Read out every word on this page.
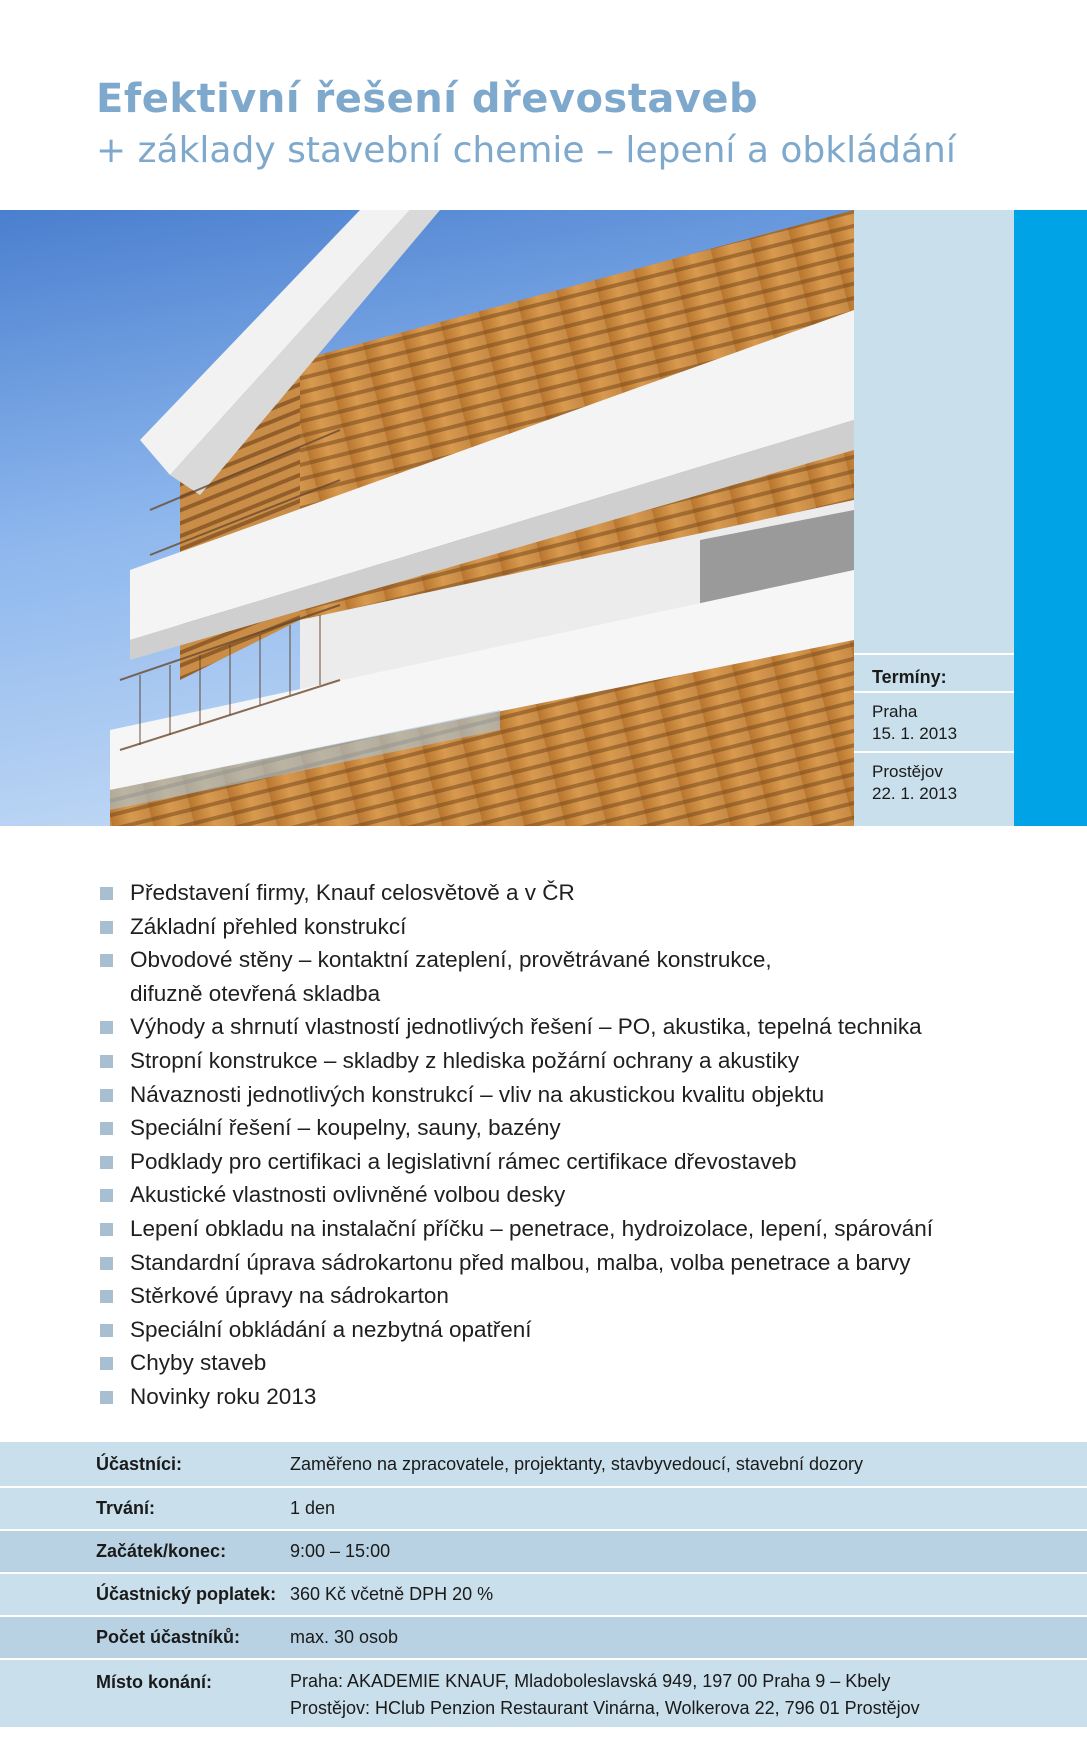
Efektivní řešení dřevostaveb
+ základy stavební chemie – lepení a obkládání
Termíny:
Praha
15. 1. 2013
Prostějov
22. 1. 2013
Představení firmy, Knauf celosvětově a v ČR
Základní přehled konstrukcí
Obvodové stěny – kontaktní zateplení, provětrávané konstrukce,
difuzně otevřená skladba
Výhody a shrnutí vlastností jednotlivých řešení – PO, akustika, tepelná technika
Stropní konstrukce – skladby z hlediska požární ochrany a akustiky
Návaznosti jednotlivých konstrukcí – vliv na akustickou kvalitu objektu
Speciální řešení – koupelny, sauny, bazény
Podklady pro certifikaci a legislativní rámec certifikace dřevostaveb
Akustické vlastnosti ovlivněné volbou desky
Lepení obkladu na instalační příčku – penetrace, hydroizolace, lepení, spárování
Standardní úprava sádrokartonu před malbou, malba, volba penetrace a barvy
Stěrkové úpravy na sádrokarton
Speciální obkládání a nezbytná opatření
Chyby staveb
Novinky roku 2013
Účastníci:	Zaměřeno na zpracovatele, projektanty, stavbyvedoucí, stavební dozory
Trvání:	1 den
Začátek/konec:	9:00 – 15:00
Účastnický poplatek: 360 Kč včetně DPH 20 %
Počet účastníků:	max. 30 osob
Místo konání:	Praha: AKADEMIE KNAUF, Mladoboleslavská 949, 197 00 Praha 9 – Kbely
Prostějov: HClub Penzion Restaurant Vinárna, Wolkerova 22, 796 01 Prostějov
